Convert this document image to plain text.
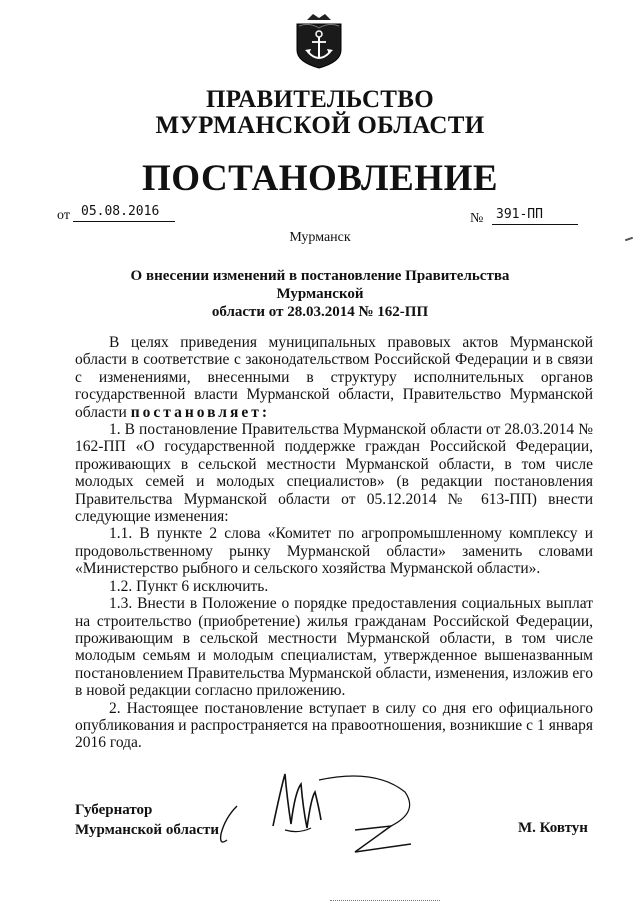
ПРАВИТЕЛЬСТВО
МУРМАНСКОЙ ОБЛАСТИ
ПОСТАНОВЛЕНИЕ
от 05.08.2016	№ 391-ПП
Мурманск
О внесении изменений в постановление Правительства Мурманской
области от 28.03.2014 № 162-ПП

В целях приведения муниципальных правовых актов Мурманской области в соответствие с законодательством Российской Федерации и в связи с изменениями, внесенными в структуру исполнительных органов государственной власти Мурманской области, Правительство Мурманской области постановляет:

1. В постановление Правительства Мурманской области от 28.03.2014 № 162-ПП «О государственной поддержке граждан Российской Федерации, проживающих в сельской местности Мурманской области, в том числе молодых семей и молодых специалистов» (в редакции постановления Правительства Мурманской области от 05.12.2014 № 613-ПП) внести следующие изменения:

1.1. В пункте 2 слова «Комитет по агропромышленному комплексу и продовольственному рынку Мурманской области» заменить словами «Министерство рыбного и сельского хозяйства Мурманской области».

1.2. Пункт 6 исключить.

1.3. Внести в Положение о порядке предоставления социальных выплат на строительство (приобретение) жилья гражданам Российской Федерации, проживающим в сельской местности Мурманской области, в том числе молодым семьям и молодым специалистам, утвержденное вышеназванным постановлением Правительства Мурманской области, изменения, изложив его в новой редакции согласно приложению.

2. Настоящее постановление вступает в силу со дня его официального опубликования и распространяется на правоотношения, возникшие с 1 января 2016 года.

Губернатор
Мурманской области	М. Ковтун
